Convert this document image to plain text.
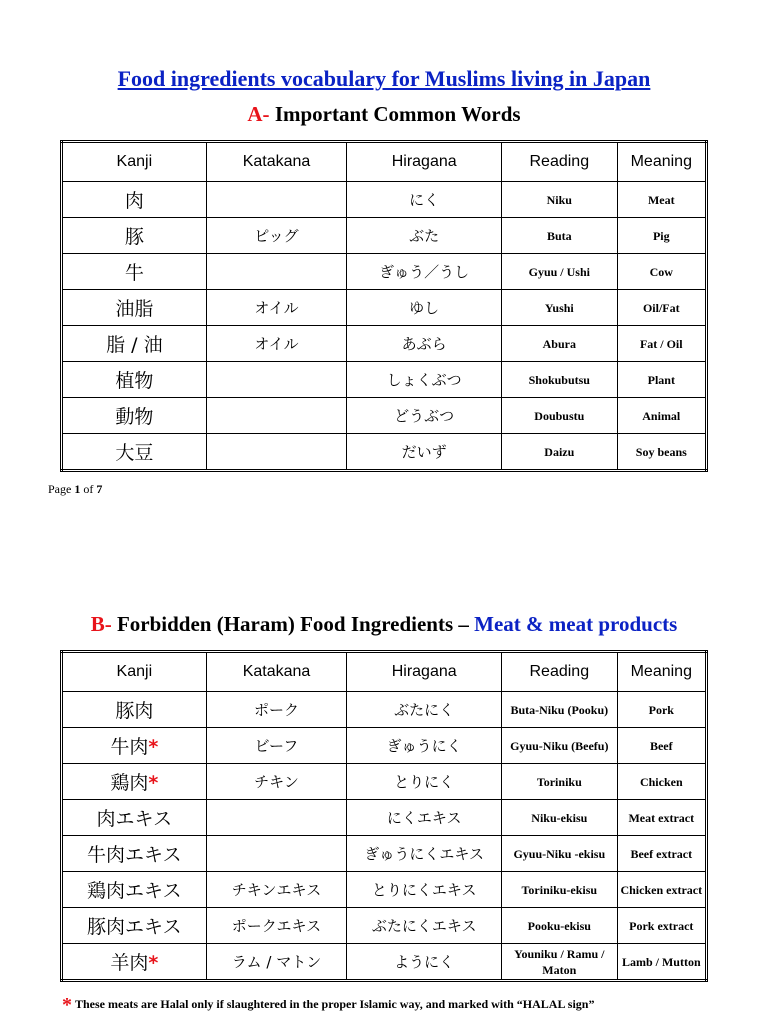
Food ingredients vocabulary for Muslims living in Japan
A- Important Common Words
Kanji	Katakana	Hiragana	Reading	Meaning
肉		にく	Niku	Meat
豚	ピッグ	ぶた	Buta	Pig
牛		ぎゅう／うし	Gyuu / Ushi	Cow
油脂	オイル	ゆし	Yushi	Oil/Fat
脂 / 油	オイル	あぶら	Abura	Fat / Oil
植物		しょくぶつ	Shokubutsu	Plant
動物		どうぶつ	Doubustu	Animal
大豆		だいず	Daizu	Soy beans
Page 1 of 7
B- Forbidden (Haram) Food Ingredients – Meat & meat products
Kanji	Katakana	Hiragana	Reading	Meaning
豚肉	ポーク	ぶたにく	Buta-Niku (Pooku)	Pork
牛肉*	ビーフ	ぎゅうにく	Gyuu-Niku (Beefu)	Beef
鶏肉*	チキン	とりにく	Toriniku	Chicken
肉エキス		にくエキス	Niku-ekisu	Meat extract
牛肉エキス		ぎゅうにくエキス	Gyuu-Niku -ekisu	Beef extract
鶏肉エキス	チキンエキス	とりにくエキス	Toriniku-ekisu	Chicken extract
豚肉エキス	ポークエキス	ぶたにくエキス	Pooku-ekisu	Pork extract
羊肉*	ラム / マトン	ようにく	Youniku / Ramu / Maton	Lamb / Mutton
* These meats are Halal only if slaughtered in the proper Islamic way, and marked with “HALAL sign”
